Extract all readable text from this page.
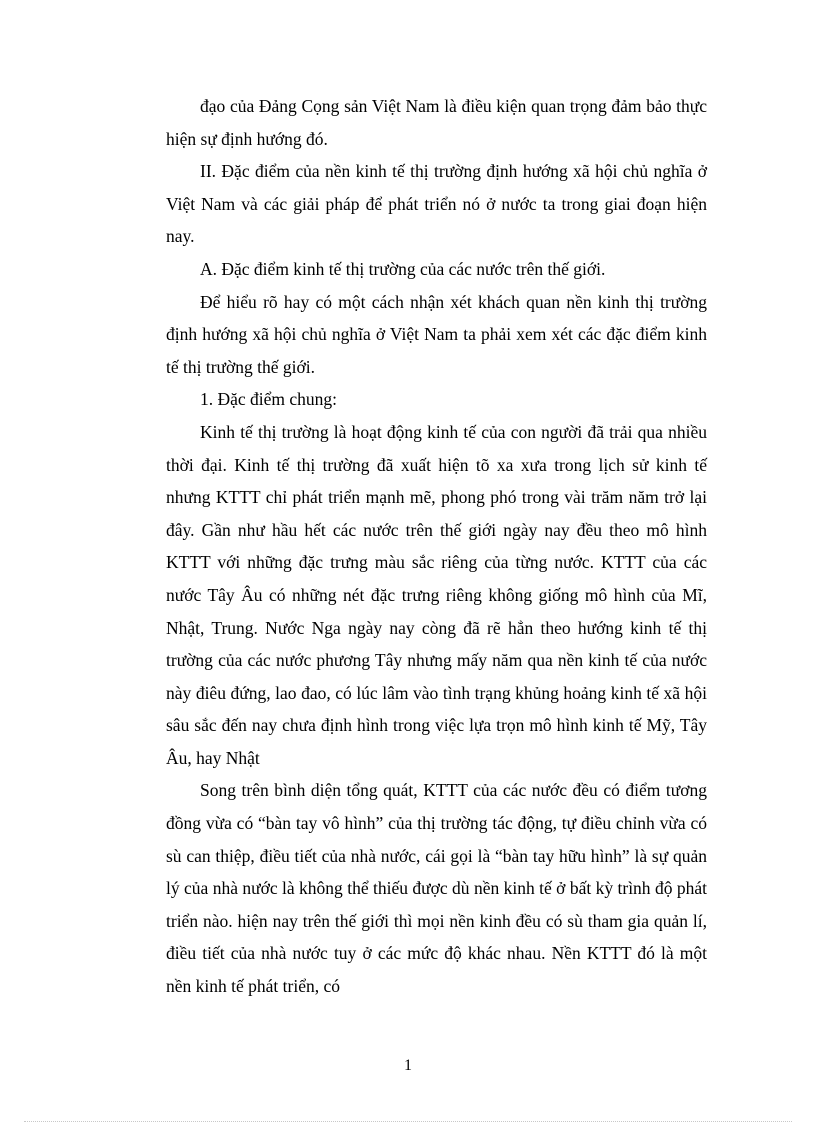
đạo của Đảng Cọng sản Việt Nam là điều kiện quan trọng đảm bảo thực hiện sự định hướng đó.

II. Đặc điểm của nền kinh tế thị trường định hướng xã hội chủ nghĩa ở Việt Nam và các giải pháp để phát triển nó ở nước ta trong giai đoạn hiện nay.

A. Đặc điểm kinh tế thị trường của các nước trên thế giới.

Để hiểu rõ hay có một cách nhận xét khách quan nền kinh thị trường định hướng xã hội chủ nghĩa ở Việt Nam ta phải xem xét các đặc điểm kinh tế thị trường thế giới.

1. Đặc điểm chung:

Kinh tế thị trường là hoạt động kinh tế của con người đã trải qua nhiều thời đại. Kinh tế thị trường đã xuất hiện tõ xa xưa trong lịch sử kinh tế nhưng KTTT chỉ phát triển mạnh mẽ, phong phó trong vài trăm năm trở lại đây. Gần như hầu hết các nước trên thế giới ngày nay đều theo mô hình KTTT với những đặc trưng màu sắc riêng của từng nước. KTTT của các nước Tây Âu có những nét đặc trưng riêng không giống mô hình của Mĩ, Nhật, Trung. Nước Nga ngày nay còng đã rẽ hẳn theo hướng kinh tế thị trường của các nước phương Tây nhưng mấy năm qua nền kinh tế của nước này điêu đứng, lao đao, có lúc lâm vào tình trạng khủng hoảng kinh tế xã hội sâu sắc đến nay chưa định hình trong việc lựa trọn mô hình kinh tế Mỹ, Tây Âu, hay Nhật

Song trên bình diện tổng quát, KTTT của các nước đều có điểm tương đồng vừa có “bàn tay vô hình” của thị trường tác động, tự điều chỉnh vừa có sù can thiệp, điều tiết của nhà nước, cái gọi là “bàn tay hữu hình” là sự quản lý của nhà nước là không thể thiếu được dù nền kinh tế ở bất kỳ trình độ phát triển nào. hiện nay trên thế giới thì mọi nền kinh đều có sù tham gia quản lí, điều tiết của nhà nước tuy ở các mức độ khác nhau. Nền KTTT đó là một nền kinh tế phát triển, có

1
